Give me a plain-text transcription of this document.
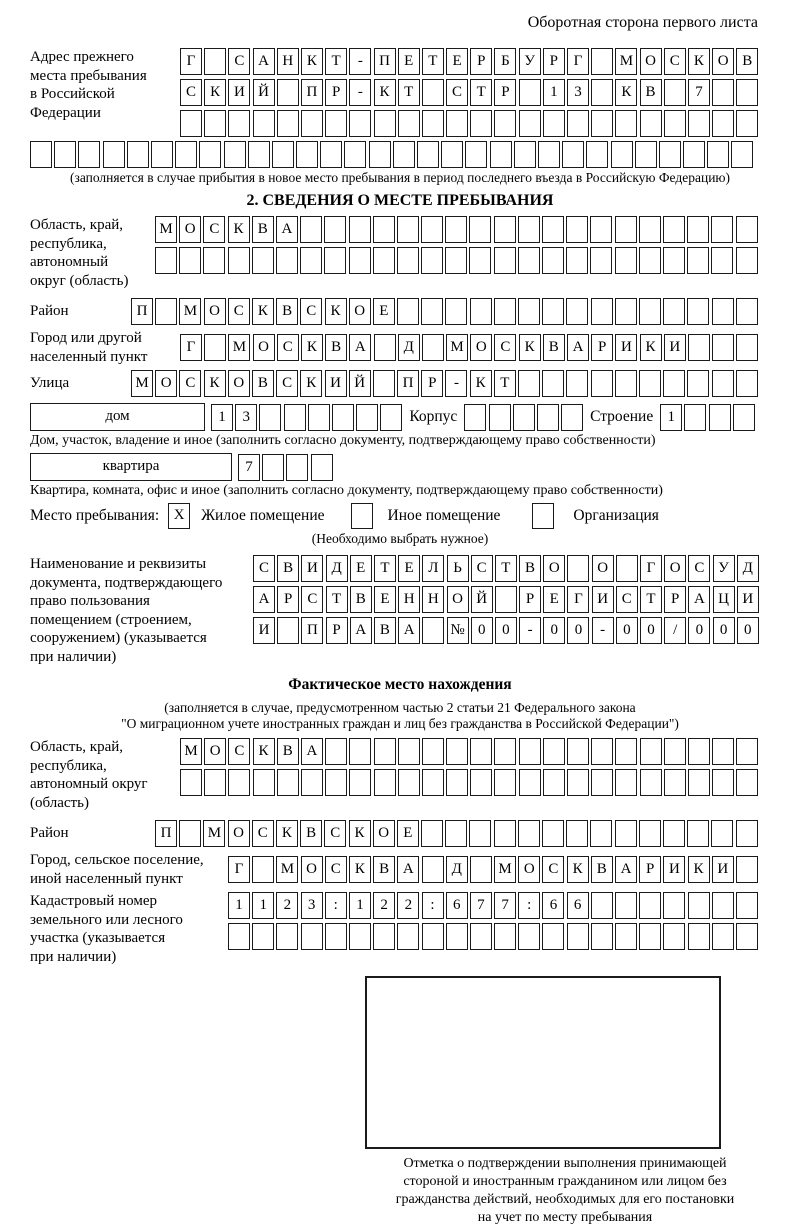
Оборотная сторона первого листа
Адрес прежнего
места пребывания
в Российской
Федерации
Г	С А Н К Т	-	П Е	Т	Е	Р	Б У Р	Г	М О С К О В
С К И Й	П Р	-	К Т	С Т	Р	1	3	К В	7
(заполняется в случае прибытия в новое место пребывания в период последнего въезда в Российскую Федерацию)
2. СВЕДЕНИЯ О МЕСТЕ ПРЕБЫВАНИЯ
Область, край,
республика,
автономный
округ (область)
М О С К В А
Район	П	М О С К В С К О Е
Город или другой
населенный пункт
Г	М О С К В А	Д	М О С К В А Р И К И
Улица	М О С К О В С К И Й	П Р	-	К Т
дом	1	3	Корпус	Строение 1
Дом, участок, владение и иное (заполнить согласно документу, подтверждающему право собственности)
квартира	7
Квартира, комната, офис и иное (заполнить согласно документу, подтверждающему право собственности)
Место пребывания: X	Жилое помещение	Иное помещение	Организация
(Необходимо выбрать нужное)
Наименование и реквизиты
документа, подтверждающего
право пользования
помещением (строением,
сооружением) (указывается
при наличии)
С В И Д Е	Т	Е Л Ь С Т В О	О	Г О С У Д
А Р	С Т В Е Н Н О Й	Р	Е	Г И С Т	Р А Ц И
И	П Р А В А	№ 0	0	-	0	0	-	0	0	/	0	0	0
Фактическое место нахождения
(заполняется в случае, предусмотренном частью 2 статьи 21 Федерального закона
"О миграционном учете иностранных граждан и лиц без гражданства в Российской Федерации")
Область, край,
республика,
автономный округ
(область)
М О С К В А
Район	П	М О С К В С К О Е
Город, сельское поселение,
иной населенный пункт
Г	М О С К В А	Д	М О С К В А Р И К И
Кадастровый номер
земельного или лесного
участка (указывается
при наличии)
1	1	2	3	:	1	2	2	:	6	7	7	:	6	6
Отметка о подтверждении выполнения принимающей
стороной и иностранным гражданином или лицом без
гражданства действий, необходимых для его постановки
на учет по месту пребывания
